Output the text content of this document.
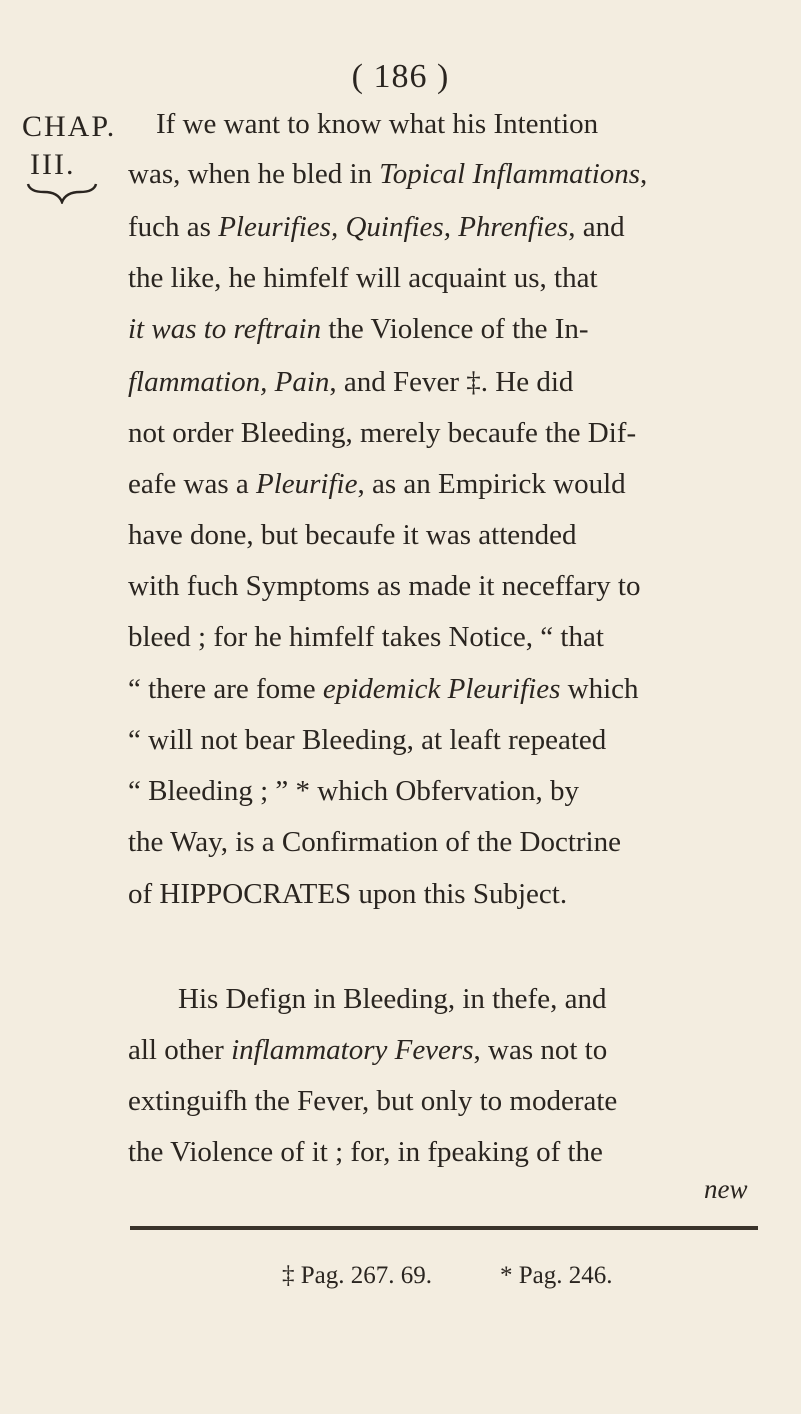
( 186 )
CHAP.
III.
If we want to know what his Intention
was, when he bled in Topical Inflammations,
fuch as Pleurifies, Quinfies, Phrenfies, and
the like, he himfelf will acquaint us, that
it was to reftrain the Violence of the In-
flammation, Pain, and Fever ‡. He did
not order Bleeding, merely becaufe the Dif-
eafe was a Pleurifie, as an Empirick would
have done, but becaufe it was attended
with fuch Symptoms as made it neceffary to
bleed ; for he himfelf takes Notice, “ that
“ there are fome epidemick Pleurifies which
“ will not bear Bleeding, at leaft repeated
“ Bleeding ; ” * which Obfervation, by
the Way, is a Confirmation of the Doctrine
of HIPPOCRATES upon this Subject.
His Defign in Bleeding, in thefe, and
all other inflammatory Fevers, was not to
extinguifh the Fever, but only to moderate
the Violence of it ; for, in fpeaking of the
new
‡ Pag. 267. 69.	* Pag. 246.
